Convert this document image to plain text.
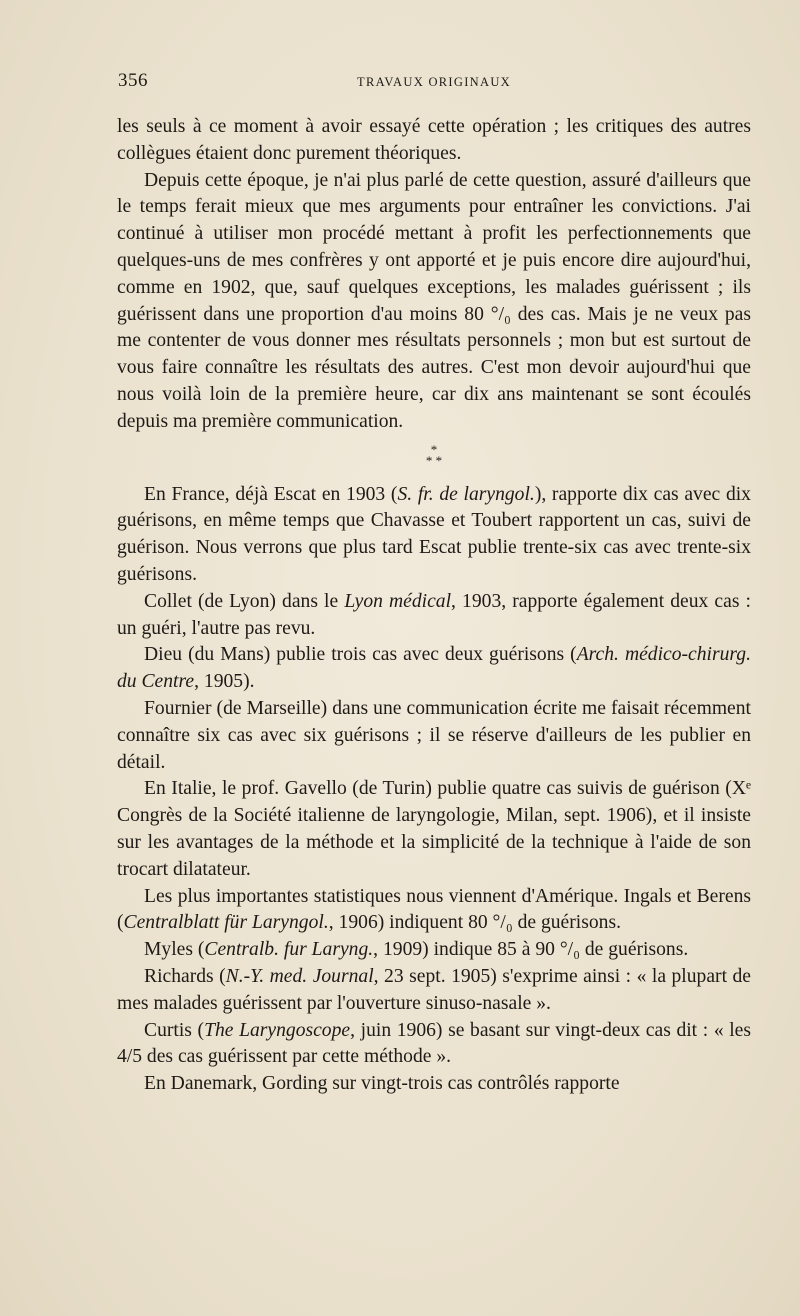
356	TRAVAUX ORIGINAUX

les seuls à ce moment à avoir essayé cette opération ; les critiques des autres collègues étaient donc purement théoriques.

Depuis cette époque, je n'ai plus parlé de cette question, assuré d'ailleurs que le temps ferait mieux que mes arguments pour entraîner les convictions. J'ai continué à utiliser mon procédé mettant à profit les perfectionnements que quelques-uns de mes confrères y ont apporté et je puis encore dire aujourd'hui, comme en 1902, que, sauf quelques exceptions, les malades guérissent ; ils guérissent dans une proportion d'au moins 80 °/₀ des cas. Mais je ne veux pas me contenter de vous donner mes résultats personnels ; mon but est surtout de vous faire connaître les résultats des autres. C'est mon devoir aujourd'hui que nous voilà loin de la première heure, car dix ans maintenant se sont écoulés depuis ma première communication.

*
* *

En France, déjà Escat en 1903 (S. fr. de laryngol.), rapporte dix cas avec dix guérisons, en même temps que Chavasse et Toubert rapportent un cas, suivi de guérison. Nous verrons que plus tard Escat publie trente-six cas avec trente-six guérisons.

Collet (de Lyon) dans le Lyon médical, 1903, rapporte également deux cas : un guéri, l'autre pas revu.

Dieu (du Mans) publie trois cas avec deux guérisons (Arch. médico-chirurg. du Centre, 1905).

Fournier (de Marseille) dans une communication écrite me faisait récemment connaître six cas avec six guérisons ; il se réserve d'ailleurs de les publier en détail.

En Italie, le prof. Gavello (de Turin) publie quatre cas suivis de guérison (Xᵉ Congrès de la Société italienne de laryngologie, Milan, sept. 1906), et il insiste sur les avantages de la méthode et la simplicité de la technique à l'aide de son trocart dilatateur.

Les plus importantes statistiques nous viennent d'Amérique. Ingals et Berens (Centralblatt für Laryngol., 1906) indiquent 80 °/₀ de guérisons.

Myles (Centralb. fur Laryng., 1909) indique 85 à 90 °/₀ de guérisons.

Richards (N.-Y. med. Journal, 23 sept. 1905) s'exprime ainsi : « la plupart de mes malades guérissent par l'ouverture sinuso-nasale ».

Curtis (The Laryngoscope, juin 1906) se basant sur vingt-deux cas dit : « les 4/5 des cas guérissent par cette méthode ».

En Danemark, Gording sur vingt-trois cas contrôlés rapporte
